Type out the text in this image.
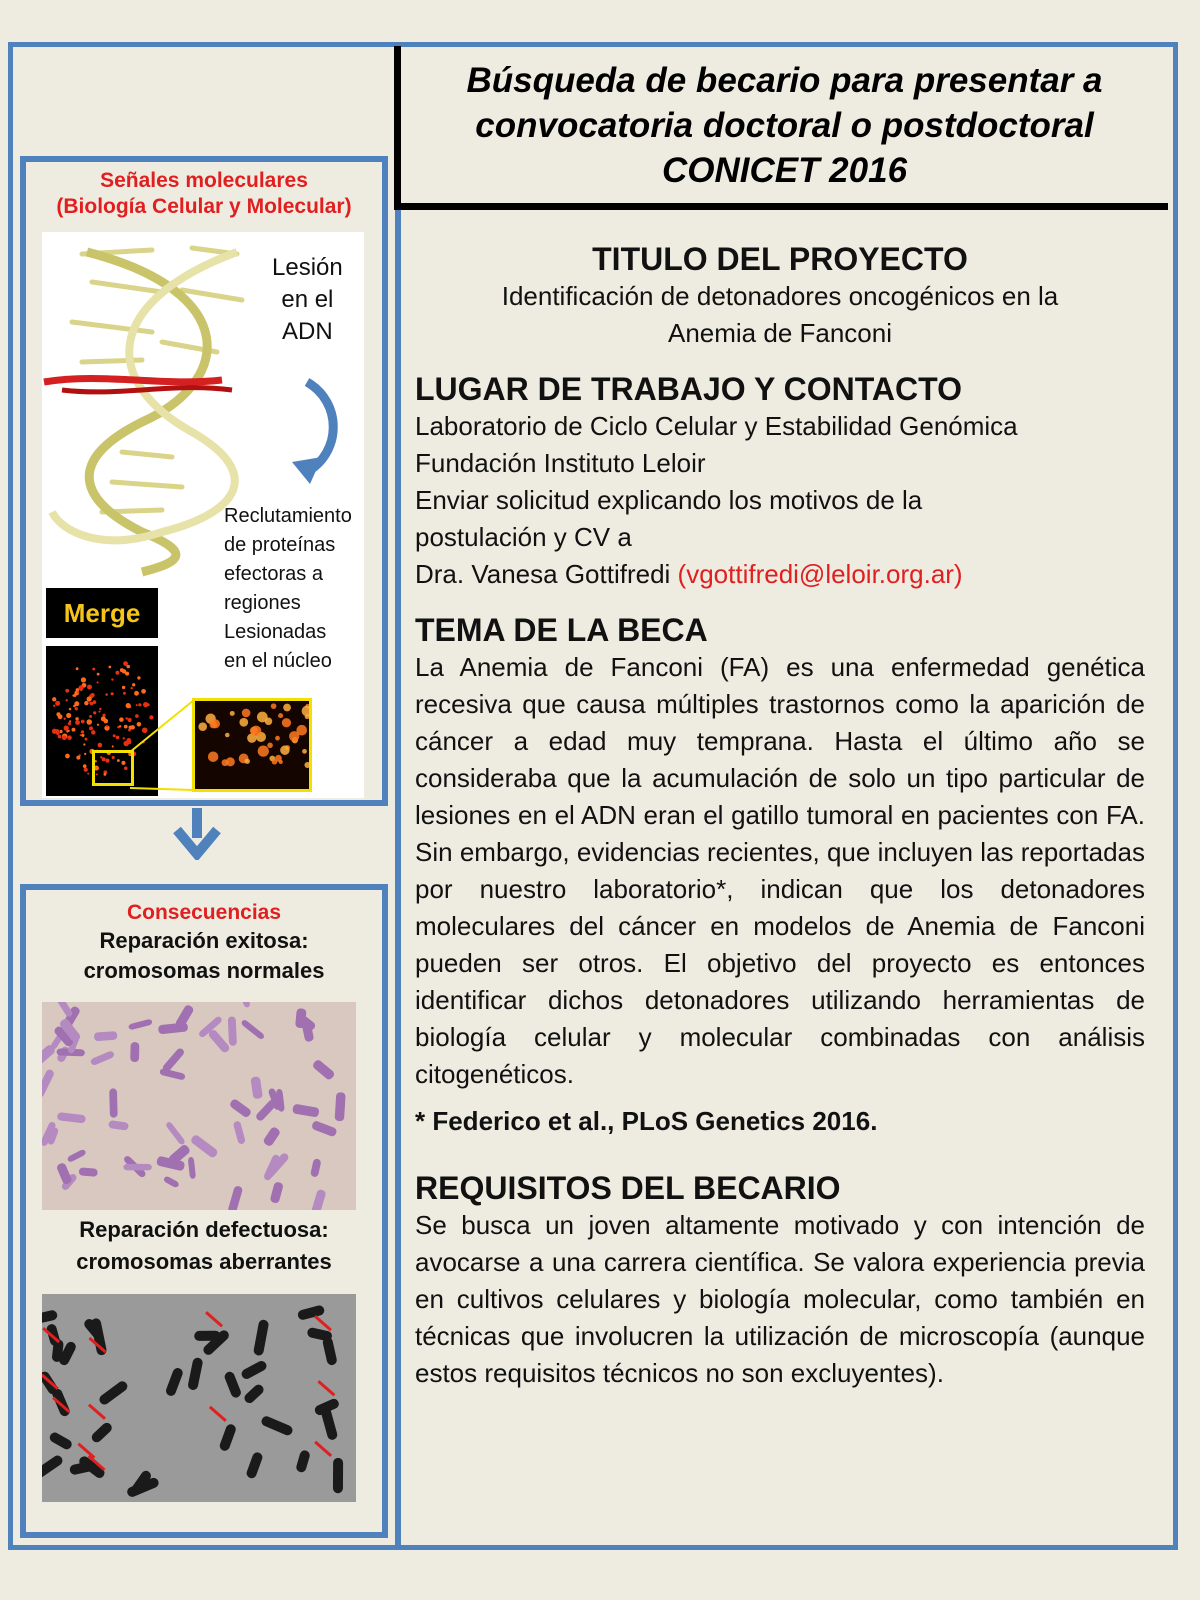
Búsqueda de becario para presentar a
convocatoria doctoral o postdoctoral
CONICET 2016
Señales moleculares
(Biología Celular y Molecular)
Lesión
en el
ADN
Reclutamiento
de proteínas
efectoras a
regiones
Lesionadas
en el núcleo
Merge
Consecuencias
Reparación exitosa:
cromosomas normales
Reparación defectuosa:
cromosomas aberrantes
TITULO DEL PROYECTO
Identificación de detonadores oncogénicos en la
Anemia de Fanconi
LUGAR DE TRABAJO Y CONTACTO
Laboratorio de Ciclo Celular y Estabilidad Genómica
Fundación Instituto Leloir
Enviar solicitud explicando los motivos de la
postulación y CV a
Dra. Vanesa Gottifredi (vgottifredi@leloir.org.ar)
TEMA DE LA BECA
La Anemia de Fanconi (FA) es una enfermedad genética recesiva que causa múltiples trastornos como la aparición de cáncer a edad muy temprana. Hasta el último año se consideraba que la acumulación de solo un tipo particular de lesiones en el ADN eran el gatillo tumoral en pacientes con FA. Sin embargo, evidencias recientes, que incluyen las reportadas por nuestro laboratorio*, indican que los detonadores moleculares del cáncer en modelos de Anemia de Fanconi pueden ser otros. El objetivo del proyecto es entonces identificar dichos detonadores utilizando herramientas de biología celular y molecular combinadas con análisis citogenéticos.
* Federico et al., PLoS Genetics 2016.
REQUISITOS DEL BECARIO
Se busca un joven altamente motivado y con intención de avocarse a una carrera científica. Se valora experiencia previa en cultivos celulares y biología molecular, como también en técnicas que involucren la utilización de microscopía (aunque estos requisitos técnicos no son excluyentes).
